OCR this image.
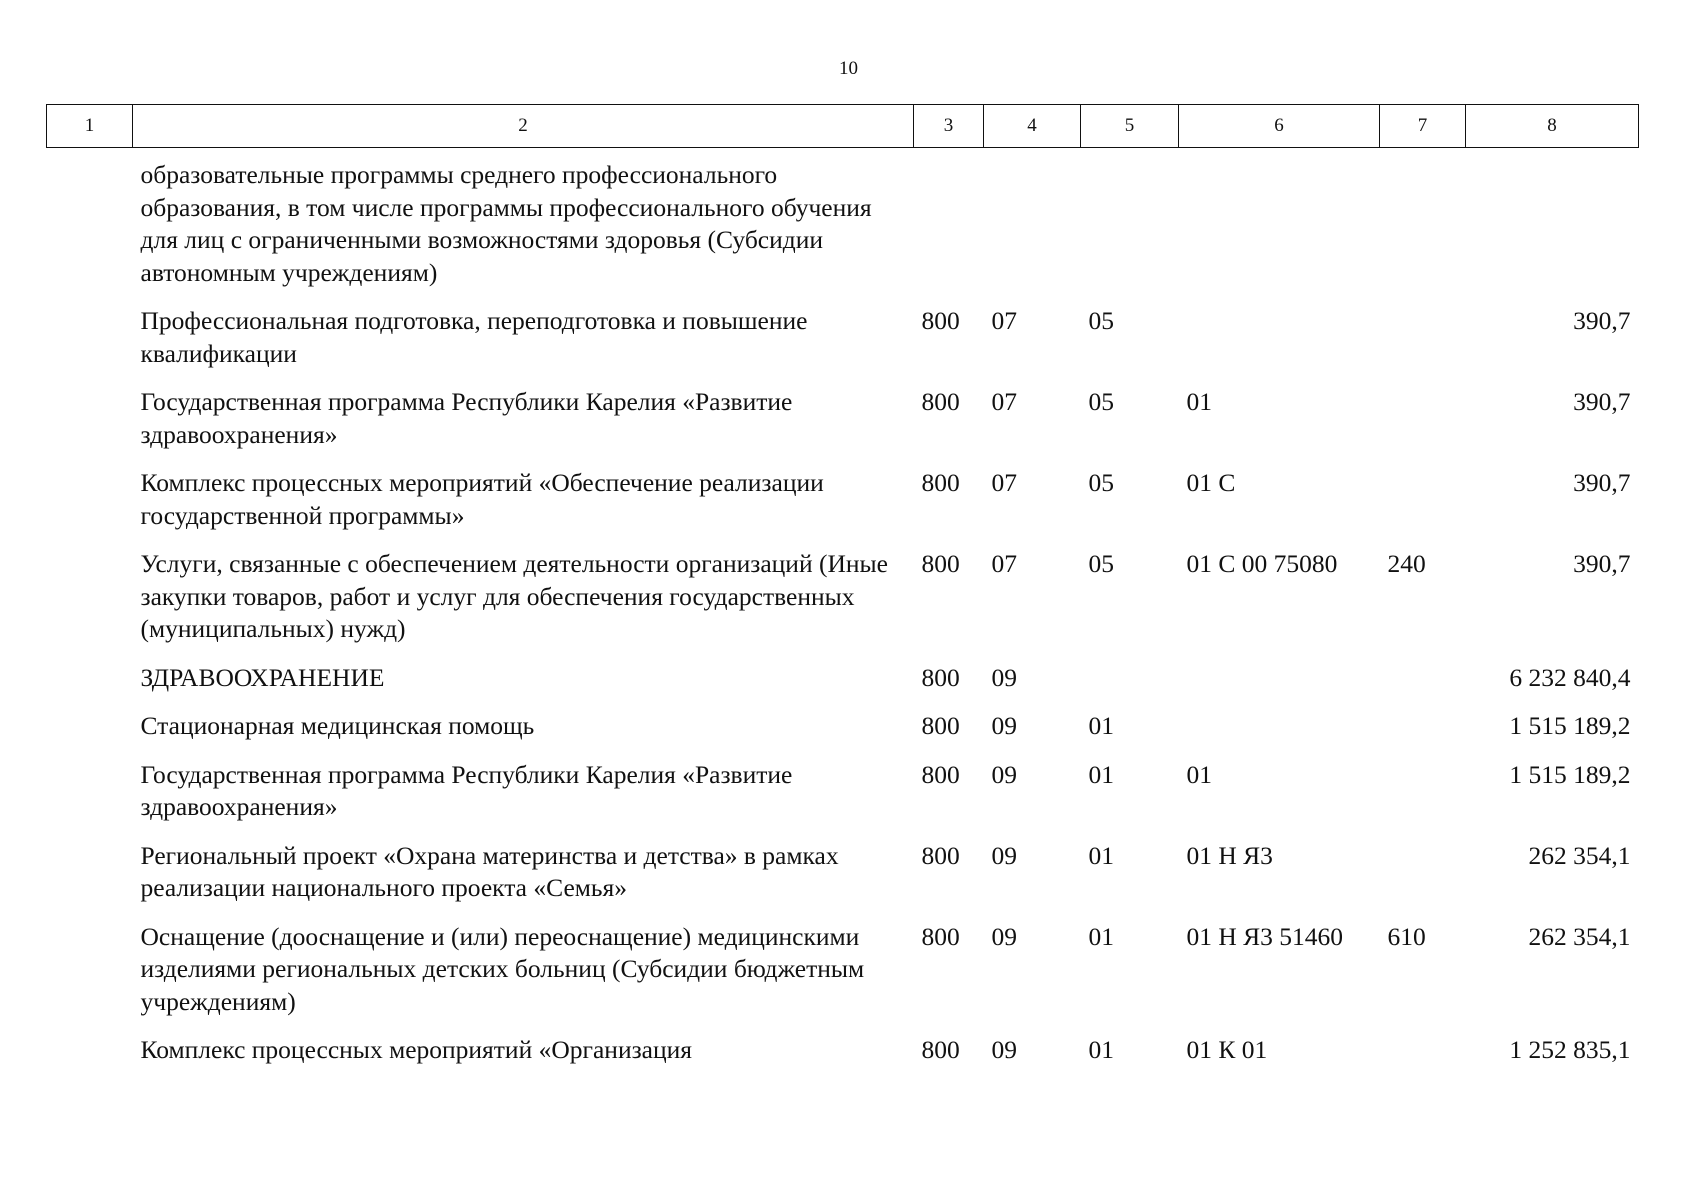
10
1	2	3	4	5	6	7	8
	образовательные программы среднего профессионального образования, в том числе программы профессионального обучения для лиц с ограниченными возможностями здоровья (Субсидии автономным учреждениям)						
	Профессиональная подготовка, переподготовка и повышение квалификации	800	07	05			390,7
	Государственная программа Республики Карелия «Развитие здравоохранения»	800	07	05	01		390,7
	Комплекс процессных мероприятий «Обеспечение реализации государственной программы»	800	07	05	01 С		390,7
	Услуги, связанные с обеспечением деятельности организаций (Иные закупки товаров, работ и услуг для обеспечения государственных (муниципальных) нужд)	800	07	05	01 С 00 75080	240	390,7
	ЗДРАВООХРАНЕНИЕ	800	09				6 232 840,4
	Стационарная медицинская помощь	800	09	01			1 515 189,2
	Государственная программа Республики Карелия «Развитие здравоохранения»	800	09	01	01		1 515 189,2
	Региональный проект «Охрана материнства и детства» в рамках реализации национального проекта «Семья»	800	09	01	01 Н Я3		262 354,1
	Оснащение (дооснащение и (или) переоснащение) медицинскими изделиями региональных детских больниц (Субсидии бюджетным учреждениям)	800	09	01	01 Н Я3 51460	610	262 354,1
	Комплекс процессных мероприятий «Организация	800	09	01	01 К 01		1 252 835,1
